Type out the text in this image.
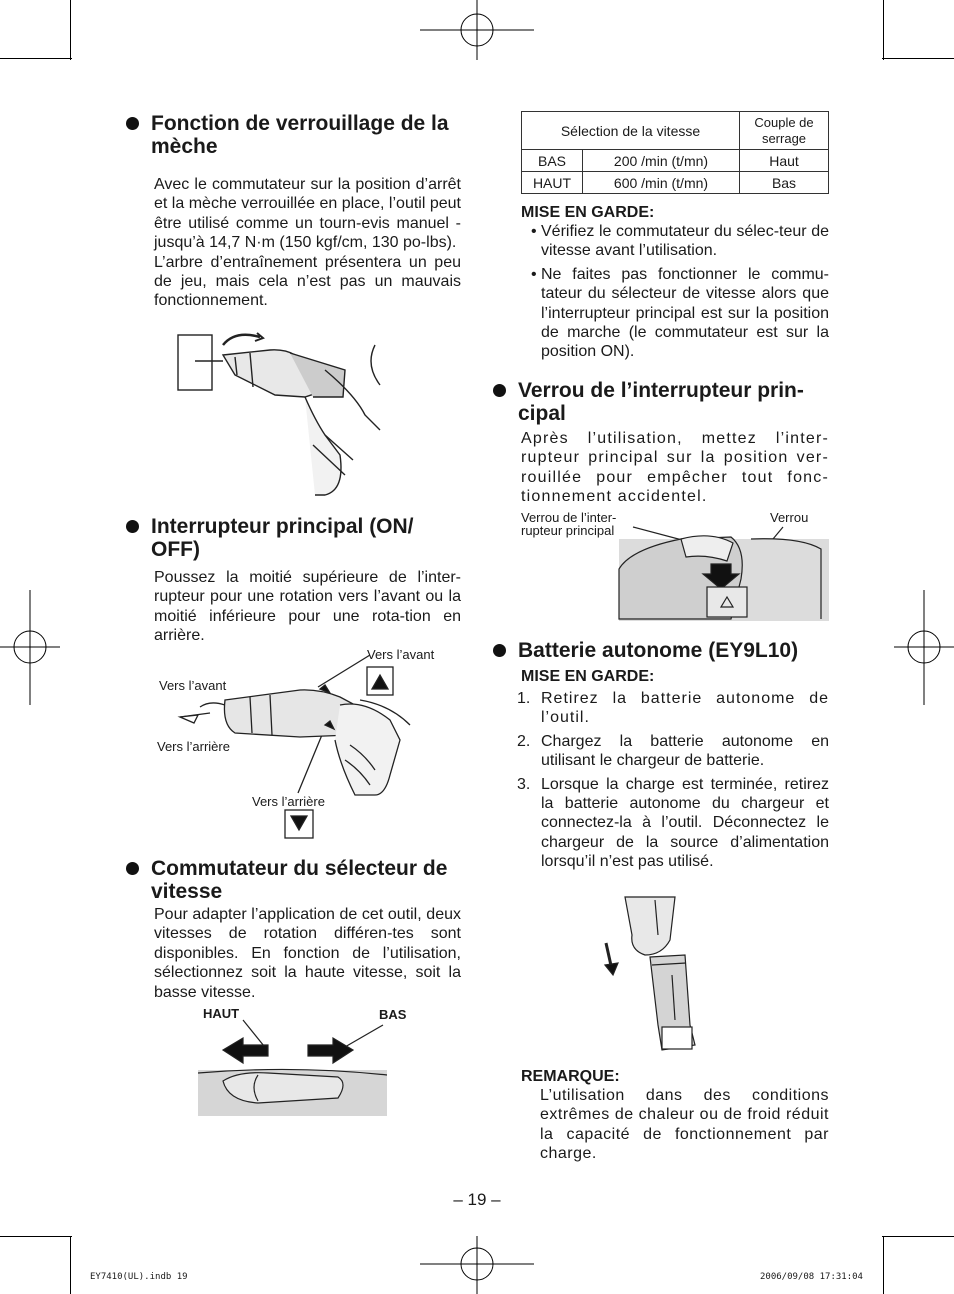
Fonction de verrouillage de la mèche

Avec le commutateur sur la position d’arrêt et la mèche verrouillée en place, l’outil peut être utilisé comme un tourn-evis manuel - jusqu’à 14,7 N·m (150 kgf/cm, 130 po-lbs).

L’arbre d’entraînement présentera un peu de jeu, mais cela n’est pas un mauvais fonctionnement.

Interrupteur principal (ON/ OFF)

Poussez la moitié supérieure de l’inter-rupteur pour une rotation vers l’avant ou la moitié inférieure pour une rota-tion en arrière.

Vers l’avant
Vers l’avant
Vers l’arrière
Vers l’arrière
Commutateur du sélecteur de vitesse

Pour adapter l’application de cet outil, deux vitesses de rotation différen-tes sont disponibles. En fonction de l’utilisation, sélectionnez soit la haute vitesse, soit la basse vitesse.

HAUT	BAS
Sélection de la vitesse		Couple de serrage
BAS	200 /min (t/mn)	Haut
HAUT	600 /min (t/mn)	Bas

MISE EN GARDE:

• Vérifiez le commutateur du sélec-teur de vitesse avant l’utilisation.
• Ne faites pas fonctionner le commu-tateur du sélecteur de vitesse alors que l’interrupteur principal est sur la position de marche (le commutateur est sur la position ON).
Verrou de l’interrupteur prin-cipal

Après l’utilisation, mettez l’inter-rupteur principal sur la position ver-rouillée pour empêcher tout fonc-tionnement accidentel.

Verrou de l’inter-rupteur principal
Verrou
Batterie autonome (EY9L10)

MISE EN GARDE:

1. Retirez la batterie autonome de l’outil.
2. Chargez la batterie autonome en utilisant le chargeur de batterie.
3. Lorsque la charge est terminée, retirez la batterie autonome du chargeur et connectez-la à l’outil. Déconnectez le chargeur de la source d’alimentation lorsqu’il n’est pas utilisé.

REMARQUE:

L’utilisation dans des conditions extrêmes de chaleur ou de froid réduit la capacité de fonctionnement par charge.

– 19 –
EY7410(UL).indb 19	2006/09/08 17:31:04
